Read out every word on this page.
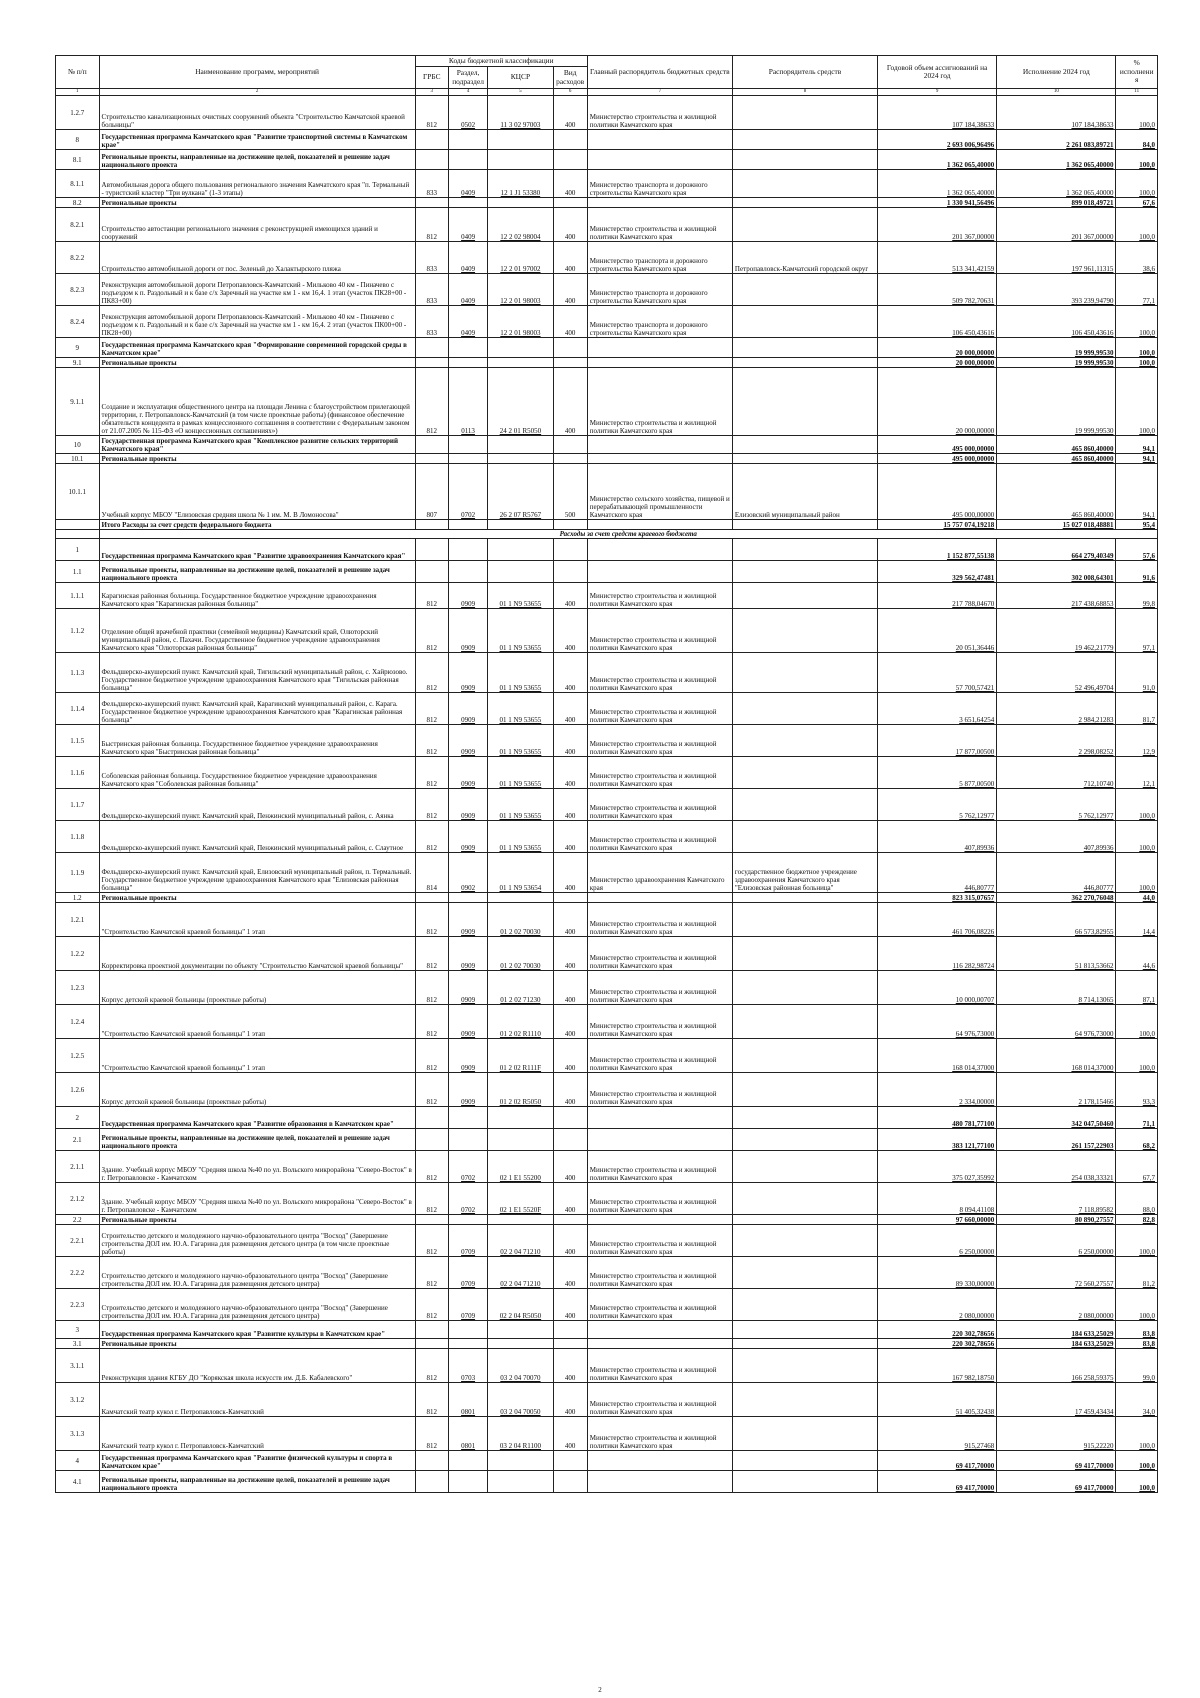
№ п/п	Наименование программ, мероприятий	Коды бюджетной классификации				Главный распорядитель бюджетных средств	Распорядитель средств	Годовой объем ассигнований на 2024 год	Исполнение 2024 год	% исполнения
		ГРБС	Раздел, подраздел	КЦСР	Вид расходов					
1	2	3	4	5	6	7	8	9	10	11
1.2.7	Строительство канализационных очистных сооружений объекта "Строительство Камчатской краевой больницы"	812	0502	11 3 02 97003	400	Министерство строительства и жилищной политики Камчатского края		107 184,38633	107 184,38633	100,0
8	Государственная программа Камчатского края "Развитие транспортной системы в Камчатском крае"							2 693 006,96496	2 261 083,89721	84,0
8.1	Региональные проекты, направленные на достижение целей, показателей и решение задач национального проекта							1 362 065,40000	1 362 065,40000	100,0
8.1.1	Автомобильная дорога общего пользования регионального значения Камчатского края "п. Термальный - туристский кластер "Три вулкана" (1-3 этапы)	833	0409	12 1 J1 53380	400	Министерство транспорта и дорожного строительства Камчатского края		1 362 065,40000	1 362 065,40000	100,0
8.2	Региональные проекты							1 330 941,56496	899 018,49721	67,6
8.2.1	Строительство автостанции регионального значения с реконструкцией имеющихся зданий и сооружений	812	0409	12 2 02 98004	400	Министерство строительства и жилищной политики Камчатского края		201 367,00000	201 367,00000	100,0
8.2.2	Строительство автомобильной дороги от пос. Зеленый до Халактырского пляжа	833	0409	12 2 01 97002	400	Министерство транспорта и дорожного строительства Камчатского края	Петропавловск-Камчатский городской округ	513 341,42159	197 961,11315	38,6
8.2.3	Реконструкция автомобильной дороги Петропавловск-Камчатский - Мильково 40 км - Пиначево с подъездом к п. Раздольный и к базе с/х Заречный на участке км 1 - км 16,4. 1 этап (участок ПК28+00 - ПК83+00)	833	0409	12 2 01 98003	400	Министерство транспорта и дорожного строительства Камчатского края		509 782,70631	393 239,94790	77,1
8.2.4	Реконструкция автомобильной дороги Петропавловск-Камчатский - Мильково 40 км - Пиначево с подъездом к п. Раздольный и к базе с/х Заречный на участке км 1 - км 16,4. 2 этап (участок ПК00+00 - ПК28+00)	833	0409	12 2 01 98003	400	Министерство транспорта и дорожного строительства Камчатского края		106 450,43616	106 450,43616	100,0
9	Государственная программа Камчатского края "Формирование современной городской среды в Камчатском крае"							20 000,00000	19 999,99530	100,0
9.1	Региональные проекты							20 000,00000	19 999,99530	100,0
9.1.1	Создание и эксплуатация общественного центра на площади Ленина с благоустройством прилегающей территории, г. Петропавловск-Камчатский (в том числе проектные работы) (финансовое обеспечение обязательств концедента в рамках концессионного соглашения в соответствии с Федеральным законом от 21.07.2005 № 115-ФЗ «О концессионных соглашениях»)	812	0113	24 2 01 R5050	400	Министерство строительства и жилищной политики Камчатского края		20 000,00000	19 999,99530	100,0
10	Государственная программа Камчатского края "Комплексное развитие сельских территорий Камчатского края"							495 000,00000	465 860,40000	94,1
10.1	Региональные проекты							495 000,00000	465 860,40000	94,1
10.1.1	Учебный корпус МБОУ "Елизовская средняя школа № 1 им. М. В Ломоносова"	807	0702	26 2 07 R5767	500	Министерство сельского хозяйства, пищевой и перерабатывающей промышленности Камчатского края	Елизовский муниципальный район	495 000,00000	465 860,40000	94,1
	Итого Расходы за счет средств федерального бюджета							15 757 074,19218	15 027 018,48881	95,4
	Расходы за счет средств краевого бюджета									
1	Государственная программа Камчатского края "Развитие здравоохранения Камчатского края"							1 152 877,55138	664 279,40349	57,6
1.1	Региональные проекты, направленные на достижение целей, показателей и решение задач национального проекта							329 562,47481	302 008,64301	91,6
1.1.1	Карагинская районная больница. Государственное бюджетное учреждение здравоохранения Камчатского края "Карагинская районная больница"	812	0909	01 1 N9 53655	400	Министерство строительства и жилищной политики Камчатского края		217 788,04670	217 438,68853	99,8
1.1.2	Отделение общей врачебной практики (семейной медицины) Камчатский край, Олюторский муниципальный район, с. Пахачи. Государственное бюджетное учреждение здравоохранения Камчатского края "Олюторская районная больница"	812	0909	01 1 N9 53655	400	Министерство строительства и жилищной политики Камчатского края		20 051,36446	19 462,21779	97,1
1.1.3	Фельдшерско-акушерский пункт. Камчатский край, Тигильский муниципальный район, с. Хайрюзово. Государственное бюджетное учреждение здравоохранения Камчатского края "Тигильская районная больница"	812	0909	01 1 N9 53655	400	Министерство строительства и жилищной политики Камчатского края		57 700,57421	52 496,49704	91,0
1.1.4	Фельдшерско-акушерский пункт. Камчатский край, Карагинский муниципальный район, с. Карага. Государственное бюджетное учреждение здравоохранения Камчатского края "Карагинская районная больница"	812	0909	01 1 N9 53655	400	Министерство строительства и жилищной политики Камчатского края		3 651,64254	2 984,21283	81,7
1.1.5	Быстринская районная больница. Государственное бюджетное учреждение здравоохранения Камчатского края "Быстринская районная больница"	812	0909	01 1 N9 53655	400	Министерство строительства и жилищной политики Камчатского края		17 877,00500	2 298,08252	12,9
1.1.6	Соболевская районная больница. Государственное бюджетное учреждение здравоохранения Камчатского края "Соболевская районная больница"	812	0909	01 1 N9 53655	400	Министерство строительства и жилищной политики Камчатского края		5 877,00500	712,10740	12,1
1.1.7	Фельдшерско-акушерский пункт. Камчатский край, Пенжинский муниципальный район, с. Аянка	812	0909	01 1 N9 53655	400	Министерство строительства и жилищной политики Камчатского края		5 762,12977	5 762,12977	100,0
1.1.8	Фельдшерско-акушерский пункт. Камчатский край, Пенжинский муниципальный район, с. Слаутное	812	0909	01 1 N9 53655	400	Министерство строительства и жилищной политики Камчатского края		407,89936	407,89936	100,0
1.1.9	Фельдшерско-акушерский пункт. Камчатский край, Елизовский муниципальный район, п. Термальный. Государственное бюджетное учреждение здравоохранения Камчатского края "Елизовская районная больница"	814	0902	01 1 N9 53654	400	Министерство здравоохранения Камчатского края	государственное бюджетное учреждение здравоохранения Камчатского края "Елизовская районная больница"	446,80777	446,80777	100,0
1.2	Региональные проекты							823 315,07657	362 270,76048	44,0
1.2.1	"Строительство Камчатской краевой больницы" 1 этап	812	0909	01 2 02 70030	400	Министерство строительства и жилищной политики Камчатского края		461 706,08226	66 573,82955	14,4
1.2.2	Корректировка проектной документации по объекту "Строительство Камчатской краевой больницы"	812	0909	01 2 02 70030	400	Министерство строительства и жилищной политики Камчатского края		116 282,98724	51 813,53662	44,6
1.2.3	Корпус детской краевой больницы (проектные работы)	812	0909	01 2 02 71230	400	Министерство строительства и жилищной политики Камчатского края		10 000,00707	8 714,13065	87,1
1.2.4	"Строительство Камчатской краевой больницы" 1 этап	812	0909	01 2 02 R1110	400	Министерство строительства и жилищной политики Камчатского края		64 976,73000	64 976,73000	100,0
1.2.5	"Строительство Камчатской краевой больницы" 1 этап	812	0909	01 2 02 R111F	400	Министерство строительства и жилищной политики Камчатского края		168 014,37000	168 014,37000	100,0
1.2.6	Корпус детской краевой больницы (проектные работы)	812	0909	01 2 02 R5050	400	Министерство строительства и жилищной политики Камчатского края		2 334,00000	2 178,15466	93,3
2	Государственная программа Камчатского края "Развитие образования в Камчатском крае"							480 781,77100	342 047,50460	71,1
2.1	Региональные проекты, направленные на достижение целей, показателей и решение задач национального проекта							383 121,77100	261 157,22903	68,2
2.1.1	Здание. Учебный корпус МБОУ "Средняя школа №40 по ул. Вольского микрорайона "Северо-Восток" в г. Петропавловске - Камчатском	812	0702	02 1 E1 55200	400	Министерство строительства и жилищной политики Камчатского края		375 027,35992	254 038,33321	67,7
2.1.2	Здание. Учебный корпус МБОУ "Средняя школа №40 по ул. Вольского микрорайона "Северо-Восток" в г. Петропавловске - Камчатском	812	0702	02 1 E1 5520F	400	Министерство строительства и жилищной политики Камчатского края		8 094,41108	7 118,89582	88,0
2.2	Региональные проекты							97 660,00000	80 890,27557	82,8
2.2.1	Строительство детского и молодежного научно-образовательного центра "Восход" (Завершение строительства ДОЛ им. Ю.А. Гагарина для размещения детского центра (в том числе проектные работы)	812	0709	02 2 04 71210	400	Министерство строительства и жилищной политики Камчатского края		6 250,00000	6 250,00000	100,0
2.2.2	Строительство детского и молодежного научно-образовательного центра "Восход" (Завершение строительства ДОЛ им. Ю.А. Гагарина для размещения детского центра)	812	0709	02 2 04 71210	400	Министерство строительства и жилищной политики Камчатского края		89 330,00000	72 560,27557	81,2
2.2.3	Строительство детского и молодежного научно-образовательного центра "Восход" (Завершение строительства ДОЛ им. Ю.А. Гагарина для размещения детского центра)	812	0709	02 2 04 R5050	400	Министерство строительства и жилищной политики Камчатского края		2 080,00000	2 080,00000	100,0
3	Государственная программа Камчатского края "Развитие культуры в Камчатском крае"							220 302,78656	184 633,25029	83,8
3.1	Региональные проекты							220 302,78656	184 633,25029	83,8
3.1.1	Реконструкция здания КГБУ ДО "Корякская школа искусств им. Д.Б. Кабалевского"	812	0703	03 2 04 70070	400	Министерство строительства и жилищной политики Камчатского края		167 982,18750	166 258,59375	99,0
3.1.2	Камчатский театр кукол г. Петропавловск-Камчатский	812	0801	03 2 04 70050	400	Министерство строительства и жилищной политики Камчатского края		51 405,32438	17 459,43434	34,0
3.1.3	Камчатский театр кукол г. Петропавловск-Камчатский	812	0801	03 2 04 R1100	400	Министерство строительства и жилищной политики Камчатского края		915,27468	915,22220	100,0
4	Государственная программа Камчатского края "Развитие физической культуры и спорта в Камчатском крае"							69 417,70000	69 417,70000	100,0
4.1	Региональные проекты, направленные на достижение целей, показателей и решение задач национального проекта							69 417,70000	69 417,70000	100,0
2
